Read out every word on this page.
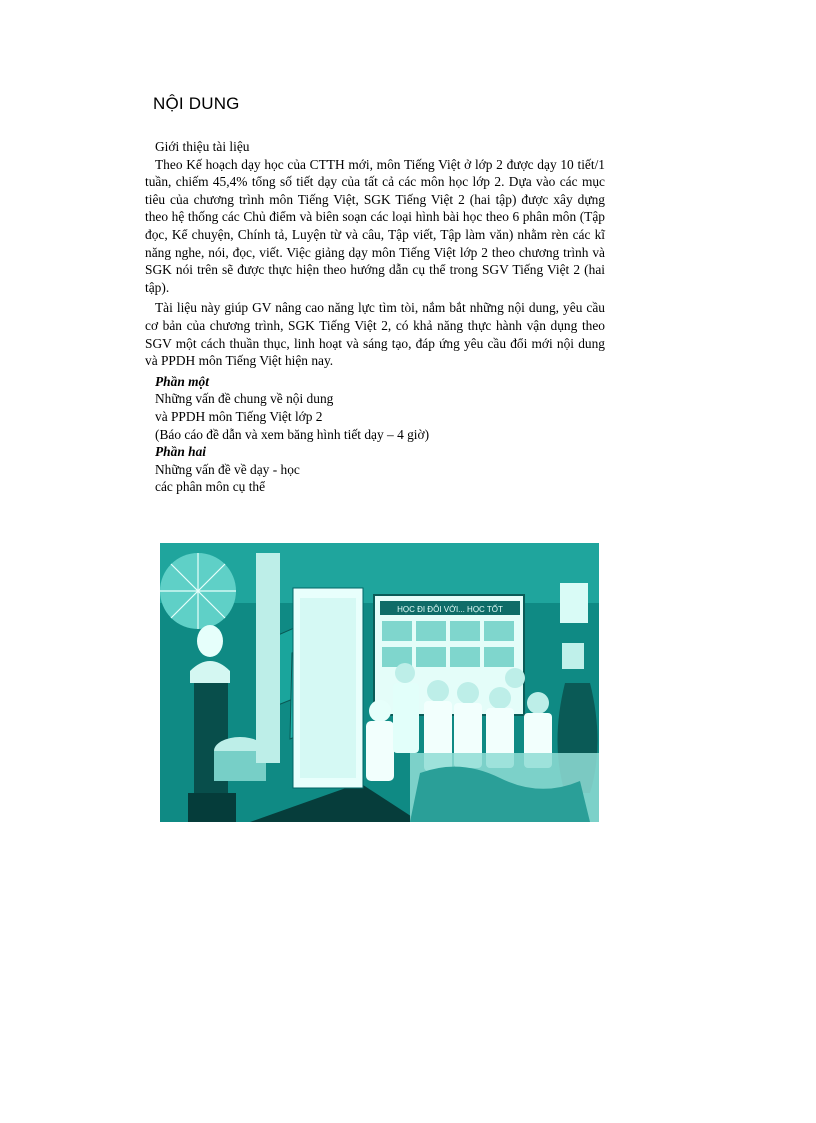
NỘI DUNG

Giới thiệu tài liệu

Theo Kế hoạch dạy học của CTTH mới, môn Tiếng Việt ở lớp 2 được dạy 10 tiết/1 tuần, chiếm 45,4% tổng số tiết dạy của tất cả các môn học lớp 2. Dựa vào các mục tiêu của chương trình môn Tiếng Việt, SGK Tiếng Việt 2 (hai tập) được xây dựng theo hệ thống các Chủ điểm và biên soạn các loại hình bài học theo 6 phân môn (Tập đọc, Kể chuyện, Chính tả, Luyện từ và câu, Tập viết, Tập làm văn) nhằm rèn các kĩ năng nghe, nói, đọc, viết. Việc giảng dạy môn Tiếng Việt lớp 2 theo chương trình và SGK nói trên sẽ được thực hiện theo hướng dẫn cụ thể trong SGV Tiếng Việt 2 (hai tập).

Tài liệu này giúp GV nâng cao năng lực tìm tòi, nắm bắt những nội dung, yêu cầu cơ bản của chương trình, SGK Tiếng Việt 2, có khả năng thực hành vận dụng theo SGV một cách thuần thục, linh hoạt và sáng tạo, đáp ứng yêu cầu đổi mới nội dung và PPDH môn Tiếng Việt hiện nay.

Phần một

Những vấn đề chung về nội dung

và PPDH môn Tiếng Việt lớp 2

(Báo cáo đề dẫn và xem băng hình tiết dạy – 4 giờ)

Phần hai

Những vấn đề về dạy - học

các phân môn cụ thể

HỌC ĐI ĐÔI VỚI... HỌC TỐT
